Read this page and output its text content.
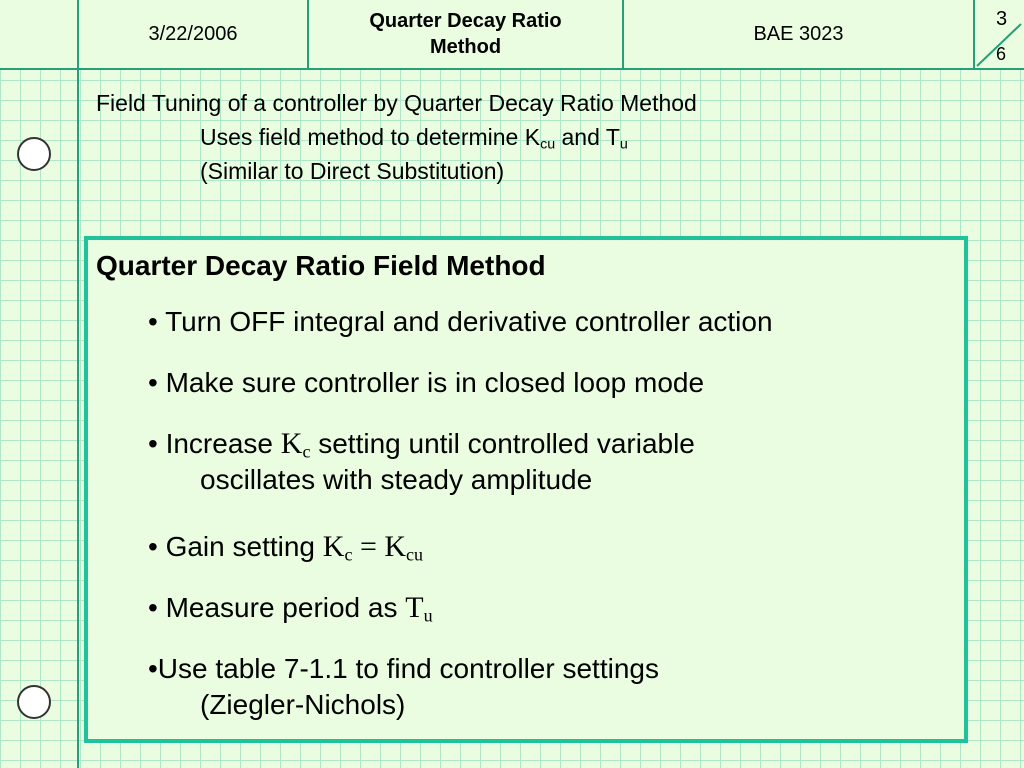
3/22/2006
Quarter Decay Ratio
Method
BAE 3023
3
6
Field Tuning of a controller by Quarter Decay Ratio Method
Uses field method to determine $K_{cu}$ and $T_u$
(Similar to Direct Substitution)
Quarter Decay Ratio Field Method
• Turn OFF integral and derivative controller action
• Make sure controller is in closed loop mode
• Increase $K_c$ setting until controlled variable
oscillates with steady amplitude
• Gain setting $K_c = K_{cu}$
• Measure period as $T_u$
•Use table 7-1.1 to find controller settings
(Ziegler-Nichols)
